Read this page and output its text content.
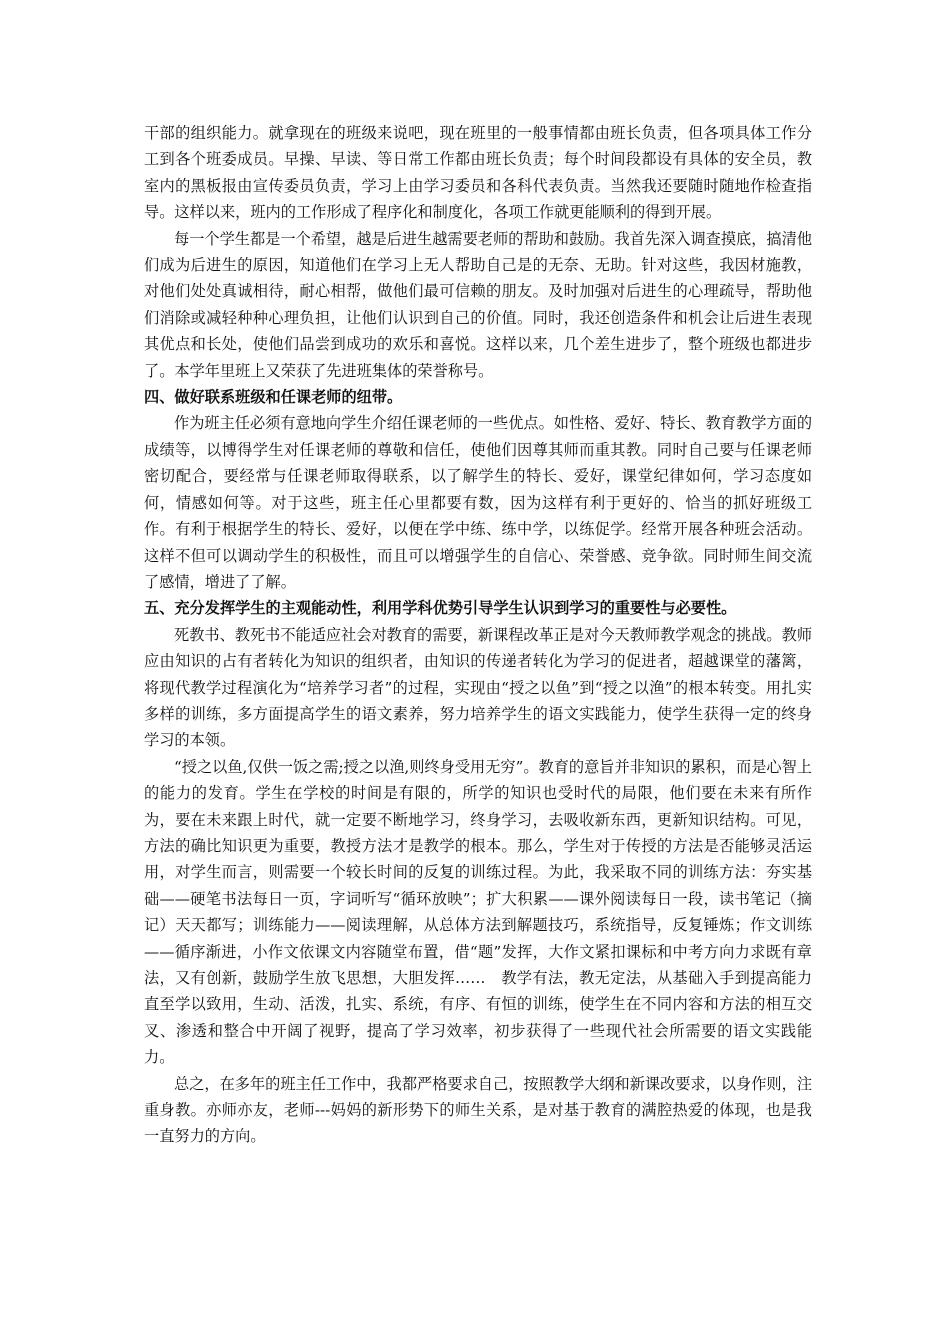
干部的组织能力。就拿现在的班级来说吧，现在班里的一般事情都由班长负责，但各项具体工作分工到各个班委成员。早操、早读、等日常工作都由班长负责；每个时间段都设有具体的安全员，教室内的黑板报由宣传委员负责，学习上由学习委员和各科代表负责。当然我还要随时随地作检查指导。这样以来，班内的工作形成了程序化和制度化，各项工作就更能顺利的得到开展。

每一个学生都是一个希望，越是后进生越需要老师的帮助和鼓励。我首先深入调查摸底，搞清他们成为后进生的原因，知道他们在学习上无人帮助自己是的无奈、无助。针对这些，我因材施教，对他们处处真诚相待，耐心相帮，做他们最可信赖的朋友。及时加强对后进生的心理疏导，帮助他们消除或减轻种种心理负担，让他们认识到自己的价值。同时，我还创造条件和机会让后进生表现其优点和长处，使他们品尝到成功的欢乐和喜悦。这样以来，几个差生进步了，整个班级也都进步了。本学年里班上又荣获了先进班集体的荣誉称号。

四、做好联系班级和任课老师的纽带。

作为班主任必须有意地向学生介绍任课老师的一些优点。如性格、爱好、特长、教育教学方面的成绩等，以博得学生对任课老师的尊敬和信任，使他们因尊其师而重其教。同时自己要与任课老师密切配合，要经常与任课老师取得联系，以了解学生的特长、爱好，课堂纪律如何，学习态度如何，情感如何等。对于这些，班主任心里都要有数，因为这样有利于更好的、恰当的抓好班级工作。有利于根据学生的特长、爱好，以便在学中练、练中学，以练促学。经常开展各种班会活动。这样不但可以调动学生的积极性，而且可以增强学生的自信心、荣誉感、竞争欲。同时师生间交流了感情，增进了了解。

五、充分发挥学生的主观能动性，利用学科优势引导学生认识到学习的重要性与必要性。

死教书、教死书不能适应社会对教育的需要，新课程改革正是对今天教师教学观念的挑战。教师应由知识的占有者转化为知识的组织者，由知识的传递者转化为学习的促进者，超越课堂的藩篱，将现代教学过程演化为“培养学习者”的过程，实现由“授之以鱼”到“授之以渔”的根本转变。用扎实多样的训练，多方面提高学生的语文素养，努力培养学生的语文实践能力，使学生获得一定的终身学习的本领。

“授之以鱼,仅供一饭之需;授之以渔,则终身受用无穷”。教育的意旨并非知识的累积，而是心智上的能力的发育。学生在学校的时间是有限的，所学的知识也受时代的局限，他们要在未来有所作为，要在未来跟上时代，就一定要不断地学习，终身学习，去吸收新东西，更新知识结构。可见，方法的确比知识更为重要，教授方法才是教学的根本。那么，学生对于传授的方法是否能够灵活运用，对学生而言，则需要一个较长时间的反复的训练过程。为此，我采取不同的训练方法：夯实基础——硬笔书法每日一页，字词听写“循环放映”；扩大积累——课外阅读每日一段，读书笔记（摘记）天天都写；训练能力——阅读理解，从总体方法到解题技巧，系统指导，反复锤炼；作文训练——循序渐进，小作文依课文内容随堂布置，借“题”发挥，大作文紧扣课标和中考方向力求既有章法，又有创新，鼓励学生放飞思想，大胆发挥……　教学有法，教无定法，从基础入手到提高能力直至学以致用，生动、活泼，扎实、系统，有序、有恒的训练，使学生在不同内容和方法的相互交叉、渗透和整合中开阔了视野，提高了学习效率，初步获得了一些现代社会所需要的语文实践能力。

总之，在多年的班主任工作中，我都严格要求自己，按照教学大纲和新课改要求，以身作则，注重身教。亦师亦友，老师---妈妈的新形势下的师生关系，是对基于教育的满腔热爱的体现，也是我一直努力的方向。
